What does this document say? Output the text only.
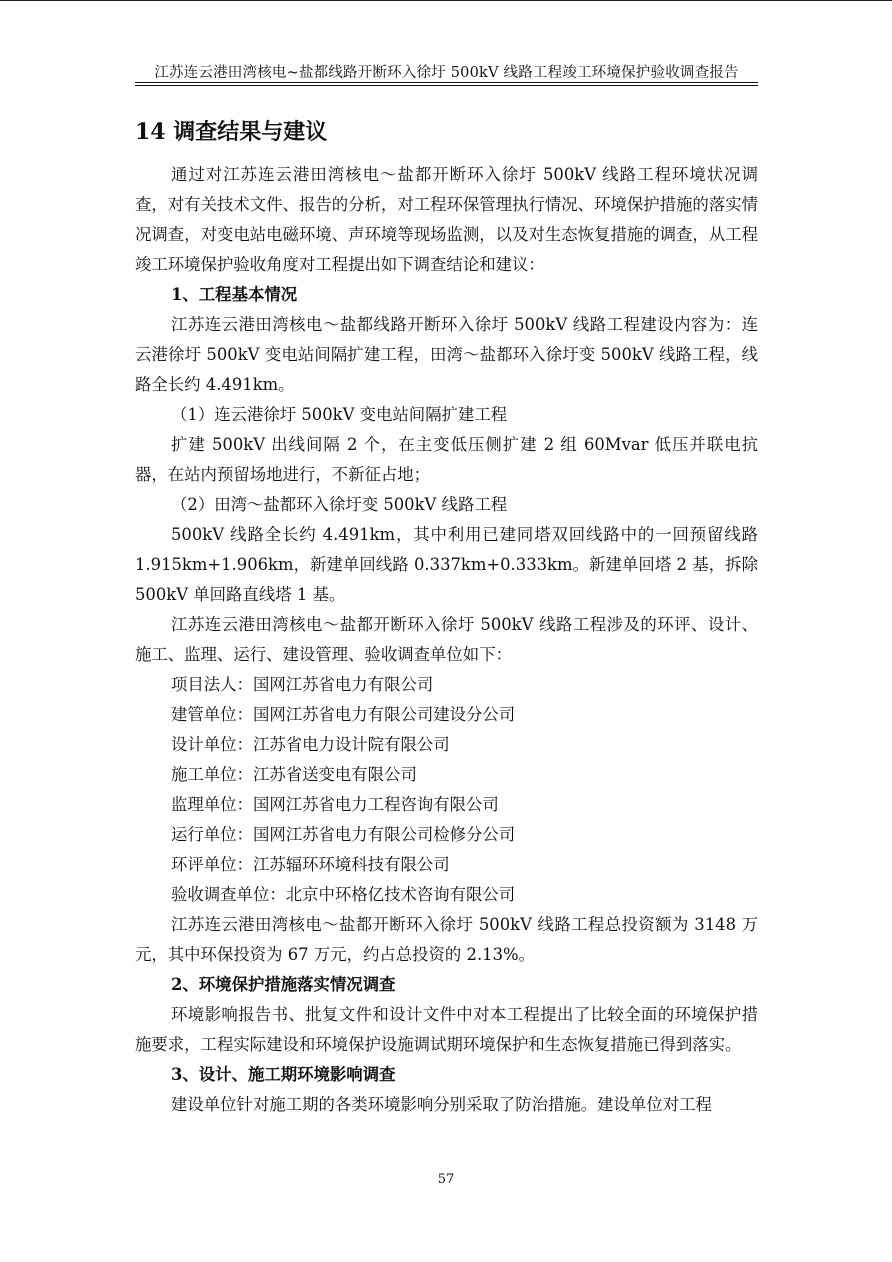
江苏连云港田湾核电~盐都线路开断环入徐圩 500kV 线路工程竣工环境保护验收调查报告
14 调查结果与建议

通过对江苏连云港田湾核电～盐都开断环入徐圩 500kV 线路工程环境状况调查，对有关技术文件、报告的分析，对工程环保管理执行情况、环境保护措施的落实情况调查，对变电站电磁环境、声环境等现场监测，以及对生态恢复措施的调查，从工程竣工环境保护验收角度对工程提出如下调查结论和建议：

1、工程基本情况

江苏连云港田湾核电～盐都线路开断环入徐圩 500kV 线路工程建设内容为：连云港徐圩 500kV 变电站间隔扩建工程，田湾～盐都环入徐圩变 500kV 线路工程，线路全长约 4.491km。

（1）连云港徐圩 500kV 变电站间隔扩建工程

扩建 500kV 出线间隔 2 个，在主变低压侧扩建 2 组 60Mvar 低压并联电抗器，在站内预留场地进行，不新征占地；

（2）田湾～盐都环入徐圩变 500kV 线路工程

500kV 线路全长约 4.491km，其中利用已建同塔双回线路中的一回预留线路 1.915km+1.906km，新建单回线路 0.337km+0.333km。新建单回塔 2 基，拆除 500kV 单回路直线塔 1 基。

江苏连云港田湾核电～盐都开断环入徐圩 500kV 线路工程涉及的环评、设计、施工、监理、运行、建设管理、验收调查单位如下：

项目法人：国网江苏省电力有限公司

建管单位：国网江苏省电力有限公司建设分公司

设计单位：江苏省电力设计院有限公司

施工单位：江苏省送变电有限公司

监理单位：国网江苏省电力工程咨询有限公司

运行单位：国网江苏省电力有限公司检修分公司

环评单位：江苏辐环环境科技有限公司

验收调查单位：北京中环格亿技术咨询有限公司

江苏连云港田湾核电～盐都开断环入徐圩 500kV 线路工程总投资额为 3148 万元，其中环保投资为 67 万元，约占总投资的 2.13%。

2、环境保护措施落实情况调查

环境影响报告书、批复文件和设计文件中对本工程提出了比较全面的环境保护措施要求，工程实际建设和环境保护设施调试期环境保护和生态恢复措施已得到落实。

3、设计、施工期环境影响调查

建设单位针对施工期的各类环境影响分别采取了防治措施。建设单位对工程

57
